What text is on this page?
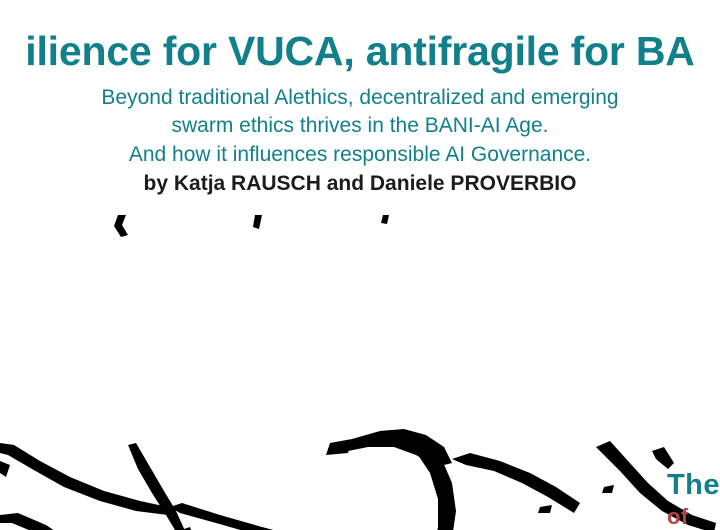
ilience for VUCA, antifragile for BA
Beyond traditional Alethics, decentralized and emerging
swarm ethics thrives in the BANI-AI Age.
And how it influences responsible AI Governance.
by Katja RAUSCH and Daniele PROVERBIO
The
of
